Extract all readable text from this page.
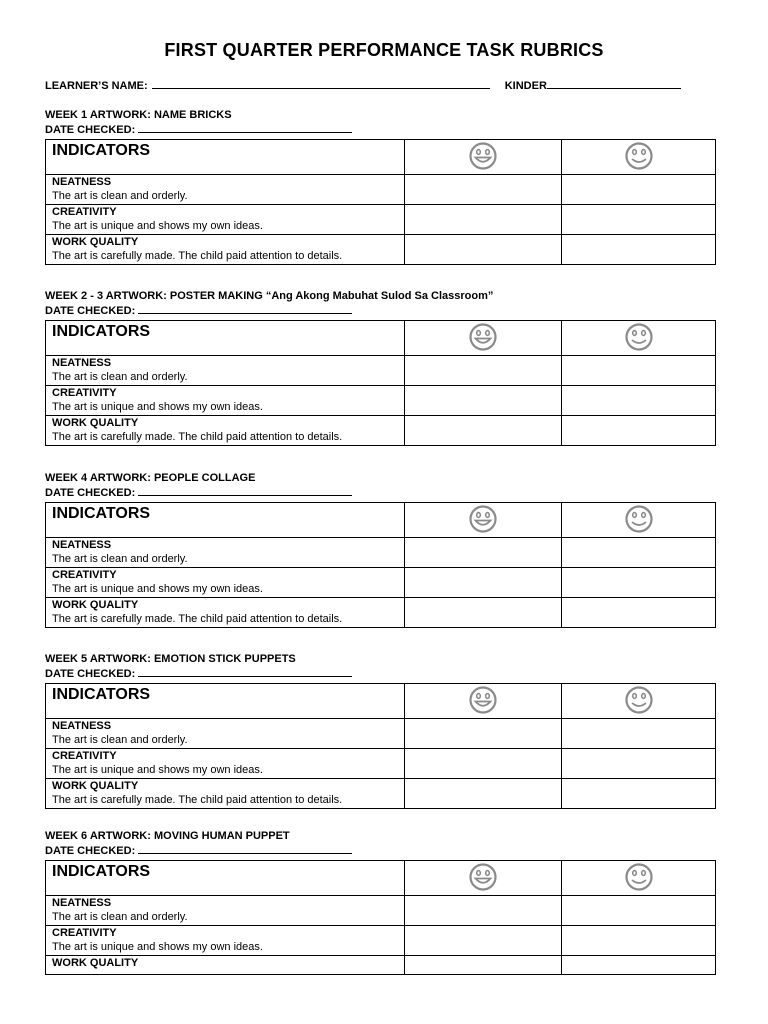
FIRST QUARTER PERFORMANCE TASK RUBRICS
LEARNER’S NAME:	KINDER
WEEK 1 ARTWORK: NAME BRICKS
DATE CHECKED:
INDICATORS		

NEATNESS
The art is clean and orderly.		

CREATIVITY
The art is unique and shows my own ideas.		

WORK QUALITY
The art is carefully made. The child paid attention to details.		

WEEK 2 - 3 ARTWORK: POSTER MAKING “Ang Akong Mabuhat Sulod Sa Classroom”
DATE CHECKED:
INDICATORS		

NEATNESS
The art is clean and orderly.		

CREATIVITY
The art is unique and shows my own ideas.		

WORK QUALITY
The art is carefully made. The child paid attention to details.		

WEEK 4 ARTWORK: PEOPLE COLLAGE
DATE CHECKED:
INDICATORS		

NEATNESS
The art is clean and orderly.		

CREATIVITY
The art is unique and shows my own ideas.		

WORK QUALITY
The art is carefully made. The child paid attention to details.		

WEEK 5 ARTWORK: EMOTION STICK PUPPETS
DATE CHECKED:
INDICATORS		

NEATNESS
The art is clean and orderly.		

CREATIVITY
The art is unique and shows my own ideas.		

WORK QUALITY
The art is carefully made. The child paid attention to details.		

WEEK 6 ARTWORK: MOVING HUMAN PUPPET
DATE CHECKED:
INDICATORS		

NEATNESS
The art is clean and orderly.		

CREATIVITY
The art is unique and shows my own ideas.		

WORK QUALITY		
